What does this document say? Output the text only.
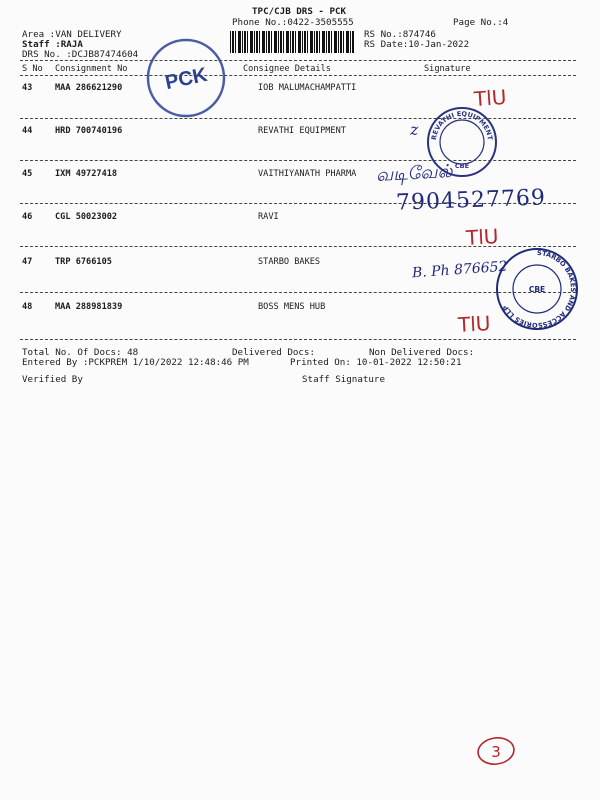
TPC/CJB DRS - PCK
Phone No.:0422-3505555	Page No.:4
Area :VAN DELIVERY
Staff :RAJA
DRS No. :DCJB87474604
RS No.:874746
RS Date:10-Jan-2022
PCK
S No Consignment No	Consignee Details	Signature
43	MAA 286621290	IOB MALUMACHAMPATTI
44	HRD 700740196	REVATHI EQUIPMENT
45	IXM 49727418	VAITHIYANATH PHARMA
46	CGL 50023002	RAVI
47	TRP 6766105	STARBO BAKES
48	MAA 288981839	BOSS MENS HUB
Total No. Of Docs: 48	Delivered Docs:	Non Delivered Docs:
Entered By :PCKPREM 1/10/2022 12:48:46 PM	Printed On: 10-01-2022 12:50:21
Verified By	Staff Signature
TlU
z
வடிவேல்
7904527769
TlU
B. Ph 876652
TlU
REVATHI EQUIPMENT
CBE
STARBO BAKES AND ACCESSORIES LLP
CBE
3
